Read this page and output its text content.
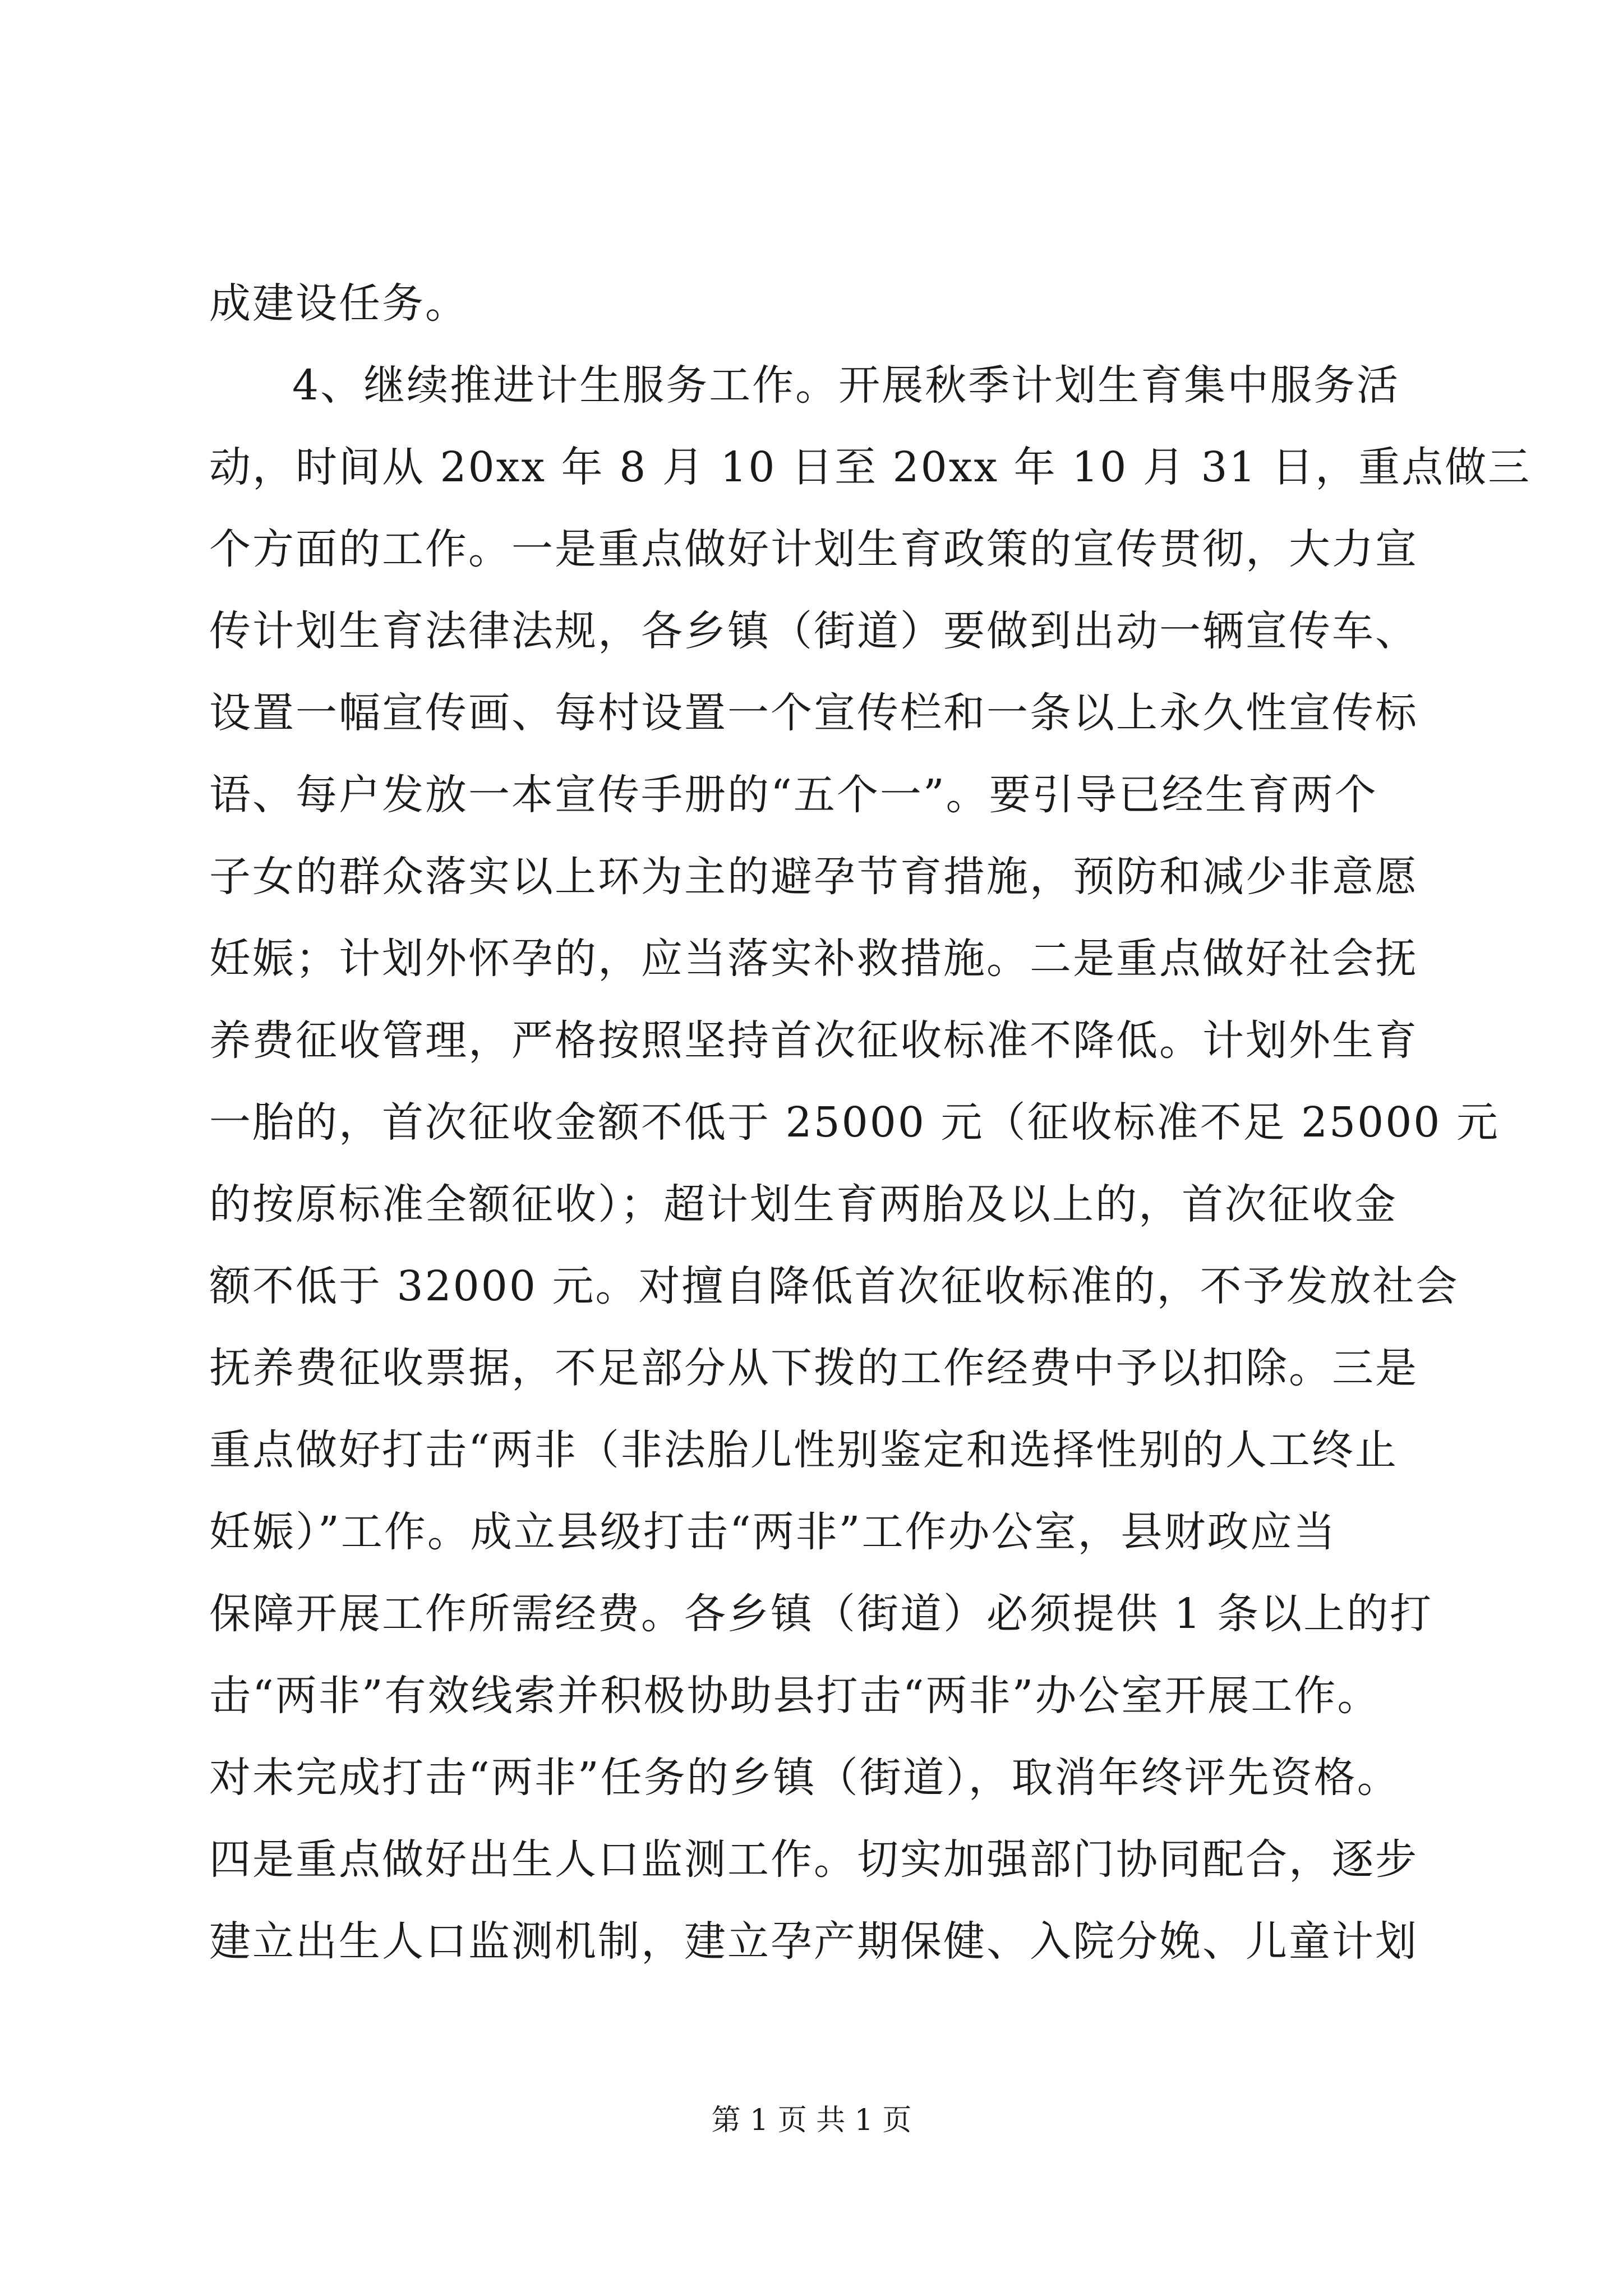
成建设任务。
4、继续推进计生服务工作。开展秋季计划生育集中服务活
动，时间从 20xx 年 8 月 10 日至 20xx 年 10 月 31 日，重点做三
个方面的工作。一是重点做好计划生育政策的宣传贯彻，大力宣
传计划生育法律法规，各乡镇（街道）要做到出动一辆宣传车、
设置一幅宣传画、每村设置一个宣传栏和一条以上永久性宣传标
语、每户发放一本宣传手册的“五个一”。要引导已经生育两个
子女的群众落实以上环为主的避孕节育措施，预防和减少非意愿
妊娠；计划外怀孕的，应当落实补救措施。二是重点做好社会抚
养费征收管理，严格按照坚持首次征收标准不降低。计划外生育
一胎的，首次征收金额不低于 25000 元（征收标准不足 25000 元
的按原标准全额征收）；超计划生育两胎及以上的，首次征收金
额不低于 32000 元。对擅自降低首次征收标准的，不予发放社会
抚养费征收票据，不足部分从下拨的工作经费中予以扣除。三是
重点做好打击“两非（非法胎儿性别鉴定和选择性别的人工终止
妊娠）”工作。成立县级打击“两非”工作办公室，县财政应当
保障开展工作所需经费。各乡镇（街道）必须提供 1 条以上的打
击“两非”有效线索并积极协助县打击“两非”办公室开展工作。
对未完成打击“两非”任务的乡镇（街道），取消年终评先资格。
四是重点做好出生人口监测工作。切实加强部门协同配合，逐步
建立出生人口监测机制，建立孕产期保健、入院分娩、儿童计划
第 1 页 共 1 页
